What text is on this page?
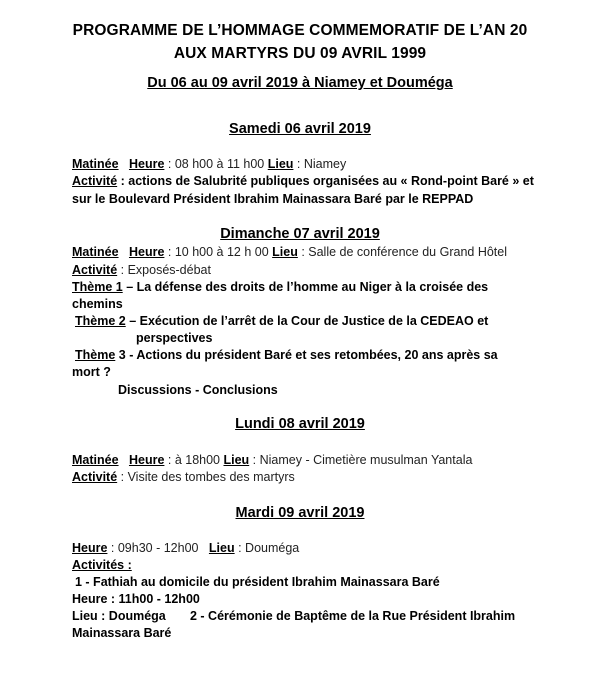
PROGRAMME DE L’HOMMAGE COMMEMORATIF DE L’AN 20
AUX MARTYRS DU 09 AVRIL 1999
Du 06 au 09 avril 2019 à Niamey et Douméga
Samedi 06 avril 2019
Matinée Heure : 08 h00 à 11 h00 Lieu : Niamey
Activité : actions de Salubrité publiques organisées au « Rond-point Baré » et
sur le Boulevard Président Ibrahim Mainassara Baré par le REPPAD
Dimanche 07 avril 2019
Matinée Heure : 10 h00 à 12 h 00 Lieu : Salle de conférence du Grand Hôtel
Activité : Exposés-débat
Thème 1 – La défense des droits de l’homme au Niger à la croisée des
chemins
Thème 2 – Exécution de l’arrêt de la Cour de Justice de la CEDEAO et
perspectives
Thème 3 - Actions du président Baré et ses retombées, 20 ans après sa
mort ?
Discussions - Conclusions
Lundi 08 avril 2019
Matinée Heure : à 18h00 Lieu : Niamey - Cimetière musulman Yantala
Activité : Visite des tombes des martyrs
Mardi 09 avril 2019
Heure : 09h30 - 12h00   Lieu : Douméga
Activités :
1 - Fathiah au domicile du président Ibrahim Mainassara Baré
Heure : 11h00 - 12h00
Lieu : Douméga 2 - Cérémonie de Baptême de la Rue Président Ibrahim
Mainassara Baré
